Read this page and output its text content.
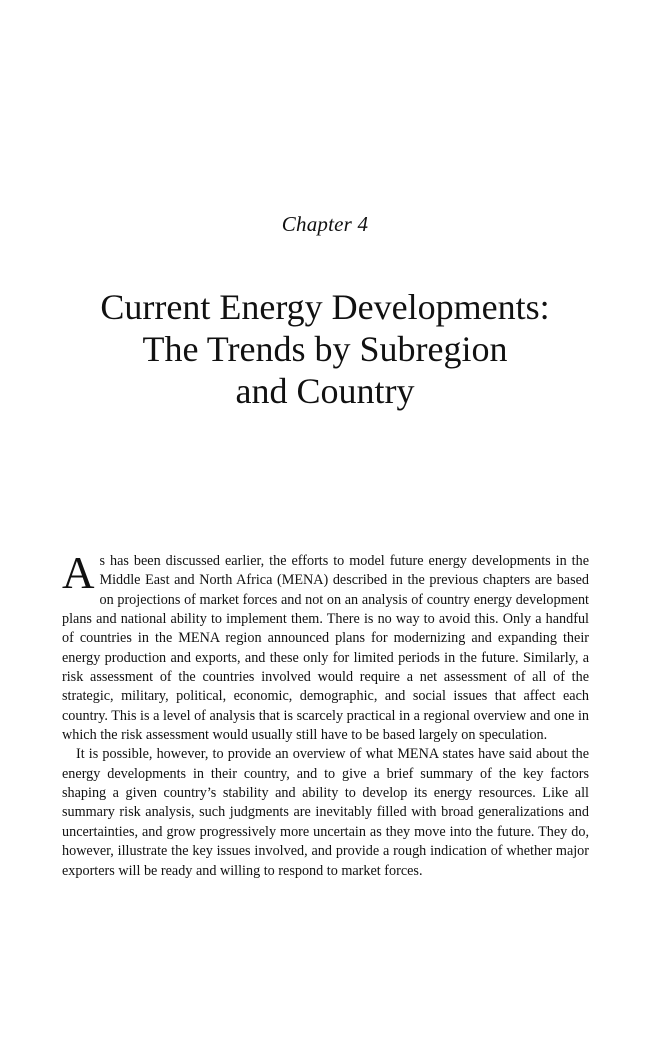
Chapter 4
Current Energy Developments:
The Trends by Subregion
and Country

As has been discussed earlier, the efforts to model future energy developments in the Middle East and North Africa (MENA) described in the previous chapters are based on projections of market forces and not on an analysis of country energy development plans and national ability to implement them. There is no way to avoid this. Only a handful of countries in the MENA region announced plans for modernizing and expanding their energy production and exports, and these only for limited periods in the future. Similarly, a risk assessment of the countries involved would require a net assessment of all of the strategic, military, political, economic, demographic, and social issues that affect each country. This is a level of analysis that is scarcely practical in a regional overview and one in which the risk assessment would usually still have to be based largely on speculation.

It is possible, however, to provide an overview of what MENA states have said about the energy developments in their country, and to give a brief summary of the key factors shaping a given country’s stability and ability to develop its energy resources. Like all summary risk analysis, such judgments are inevitably filled with broad generalizations and uncertainties, and grow progressively more uncertain as they move into the future. They do, however, illustrate the key issues involved, and provide a rough indication of whether major exporters will be ready and willing to respond to market forces.
